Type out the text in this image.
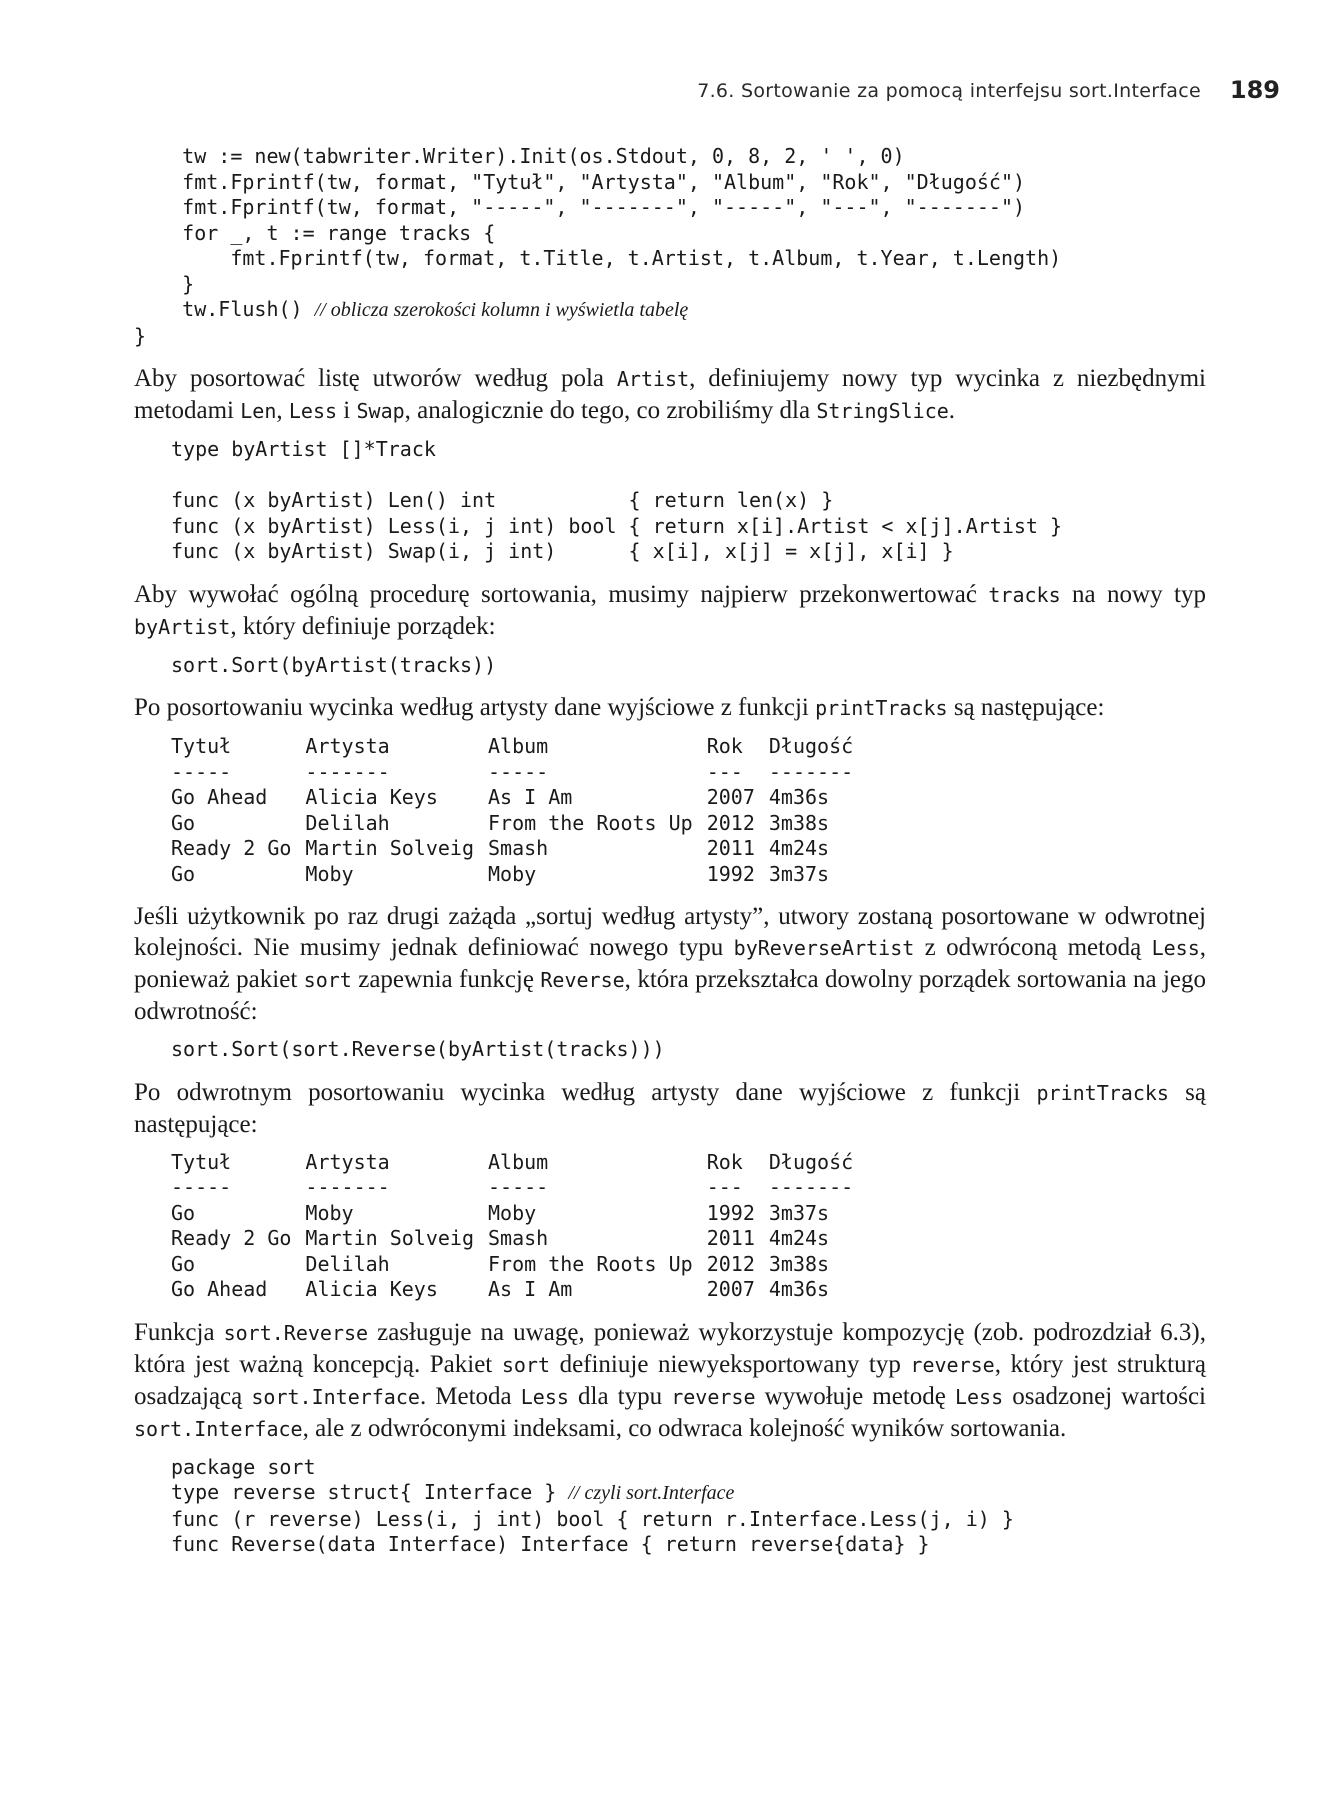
7.6. Sortowanie za pomocą interfejsu sort.Interface 189
tw := new(tabwriter.Writer).Init(os.Stdout, 0, 8, 2, ' ', 0)
fmt.Fprintf(tw, format, "Tytuł", "Artysta", "Album", "Rok", "Długość")
fmt.Fprintf(tw, format, "-----", "-------", "-----", "---", "-------")
for _, t := range tracks {
fmt.Fprintf(tw, format, t.Title, t.Artist, t.Album, t.Year, t.Length)
}
tw.Flush() // oblicza szerokości kolumn i wyświetla tabelę
}

Aby posortować listę utworów według pola Artist, definiujemy nowy typ wycinka z niezbędnymi metodami Len, Less i Swap, analogicznie do tego, co zrobiliśmy dla StringSlice.

type byArtist []*Track

func (x byArtist) Len() int           { return len(x) }
func (x byArtist) Less(i, j int) bool { return x[i].Artist < x[j].Artist }
func (x byArtist) Swap(i, j int)      { x[i], x[j] = x[j], x[i] }

Aby wywołać ogólną procedurę sortowania, musimy najpierw przekonwertować tracks na nowy typ byArtist, który definiuje porządek:

sort.Sort(byArtist(tracks))

Po posortowaniu wycinka według artysty dane wyjściowe z funkcji printTracks są następujące:

Tytuł	Artysta	Album	Rok	Długość
-----	-------	-----	---	-------
Go Ahead	Alicia Keys	As I Am	2007	4m36s
Go	Delilah	From the Roots Up	2012	3m38s
Ready 2 Go	Martin Solveig	Smash	2011	4m24s
Go	Moby	Moby	1992	3m37s

Jeśli użytkownik po raz drugi zażąda „sortuj według artysty”, utwory zostaną posortowane w odwrotnej kolejności. Nie musimy jednak definiować nowego typu byReverseArtist z odwróconą metodą Less, ponieważ pakiet sort zapewnia funkcję Reverse, która przekształca dowolny porządek sortowania na jego odwrotność:

sort.Sort(sort.Reverse(byArtist(tracks)))

Po odwrotnym posortowaniu wycinka według artysty dane wyjściowe z funkcji printTracks są następujące:

Tytuł	Artysta	Album	Rok	Długość
-----	-------	-----	---	-------
Go	Moby	Moby	1992	3m37s
Ready 2 Go	Martin Solveig	Smash	2011	4m24s
Go	Delilah	From the Roots Up	2012	3m38s
Go Ahead	Alicia Keys	As I Am	2007	4m36s

Funkcja sort.Reverse zasługuje na uwagę, ponieważ wykorzystuje kompozycję (zob. podrozdział 6.3), która jest ważną koncepcją. Pakiet sort definiuje niewyeksportowany typ reverse, który jest strukturą osadzającą sort.Interface. Metoda Less dla typu reverse wywołuje metodę Less osadzonej wartości sort.Interface, ale z odwróconymi indeksami, co odwraca kolejność wyników sortowania.

package sort
type reverse struct{ Interface } // czyli sort.Interface
func (r reverse) Less(i, j int) bool { return r.Interface.Less(j, i) }
func Reverse(data Interface) Interface { return reverse{data} }
